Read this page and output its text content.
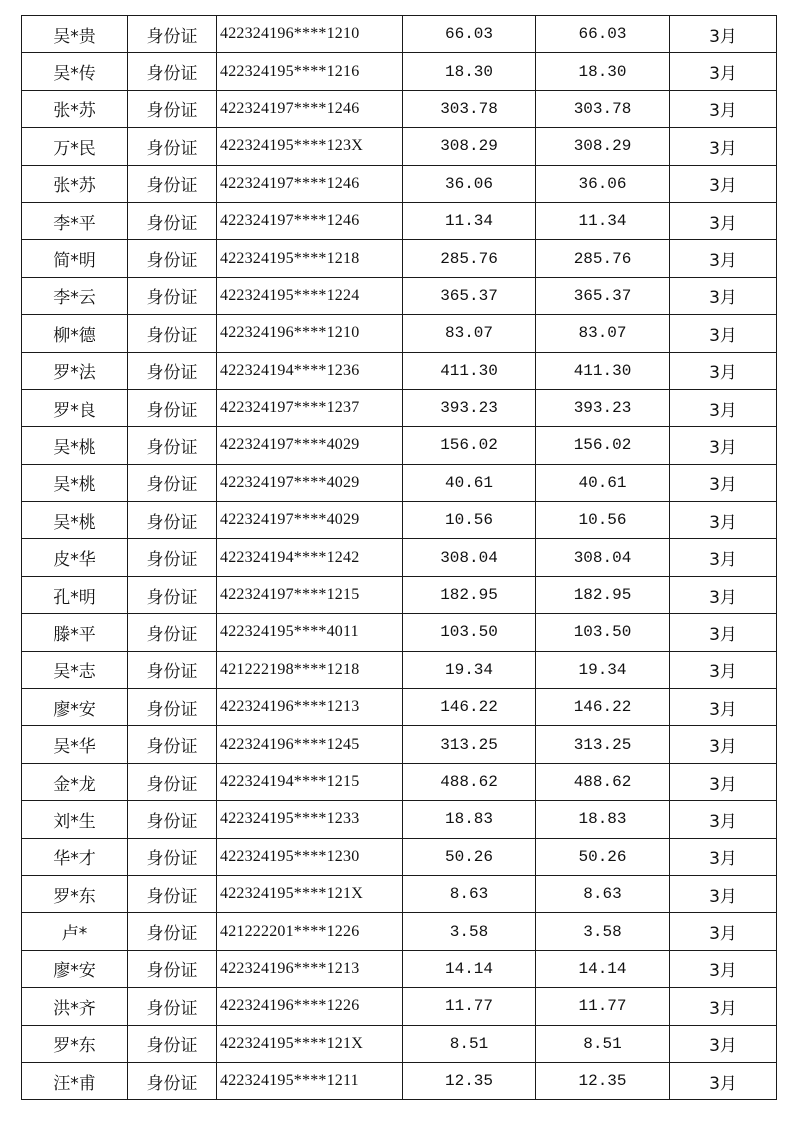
吴*贵	身份证	422324196****1210	66.03	66.03	3月
吴*传	身份证	422324195****1216	18.30	18.30	3月
张*苏	身份证	422324197****1246	303.78	303.78	3月
万*民	身份证	422324195****123X	308.29	308.29	3月
张*苏	身份证	422324197****1246	36.06	36.06	3月
李*平	身份证	422324197****1246	11.34	11.34	3月
简*明	身份证	422324195****1218	285.76	285.76	3月
李*云	身份证	422324195****1224	365.37	365.37	3月
柳*德	身份证	422324196****1210	83.07	83.07	3月
罗*法	身份证	422324194****1236	411.30	411.30	3月
罗*良	身份证	422324197****1237	393.23	393.23	3月
吴*桃	身份证	422324197****4029	156.02	156.02	3月
吴*桃	身份证	422324197****4029	40.61	40.61	3月
吴*桃	身份证	422324197****4029	10.56	10.56	3月
皮*华	身份证	422324194****1242	308.04	308.04	3月
孔*明	身份证	422324197****1215	182.95	182.95	3月
滕*平	身份证	422324195****4011	103.50	103.50	3月
吴*志	身份证	421222198****1218	19.34	19.34	3月
廖*安	身份证	422324196****1213	146.22	146.22	3月
吴*华	身份证	422324196****1245	313.25	313.25	3月
金*龙	身份证	422324194****1215	488.62	488.62	3月
刘*生	身份证	422324195****1233	18.83	18.83	3月
华*才	身份证	422324195****1230	50.26	50.26	3月
罗*东	身份证	422324195****121X	8.63	8.63	3月
卢*	身份证	421222201****1226	3.58	3.58	3月
廖*安	身份证	422324196****1213	14.14	14.14	3月
洪*齐	身份证	422324196****1226	11.77	11.77	3月
罗*东	身份证	422324195****121X	8.51	8.51	3月
汪*甫	身份证	422324195****1211	12.35	12.35	3月
